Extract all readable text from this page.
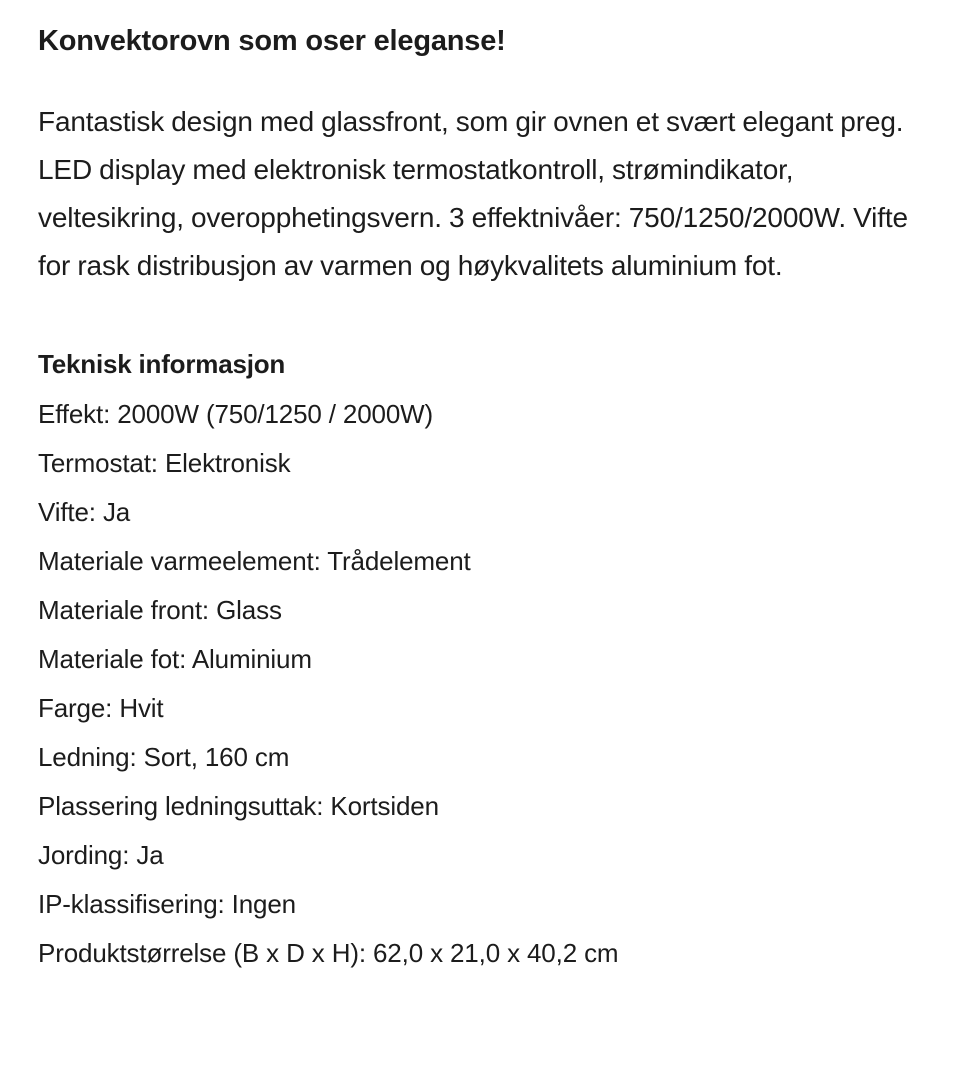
Konvektorovn som oser eleganse!

Fantastisk design med glassfront, som gir ovnen et svært elegant preg. LED display med elektronisk termostatkontroll, strømindikator, veltesikring, overopphetingsvern. 3 effektnivåer: 750/1250/2000W. Vifte for rask distribusjon av varmen og høykvalitets aluminium fot.

Teknisk informasjon
Effekt: 2000W (750/1250 / 2000W)
Termostat: Elektronisk
Vifte: Ja
Materiale varmeelement: Trådelement
Materiale front: Glass
Materiale fot: Aluminium
Farge: Hvit
Ledning: Sort, 160 cm
Plassering ledningsuttak: Kortsiden
Jording: Ja
IP-klassifisering: Ingen
Produktstørrelse (B x D x H): 62,0 x 21,0 x 40,2 cm
